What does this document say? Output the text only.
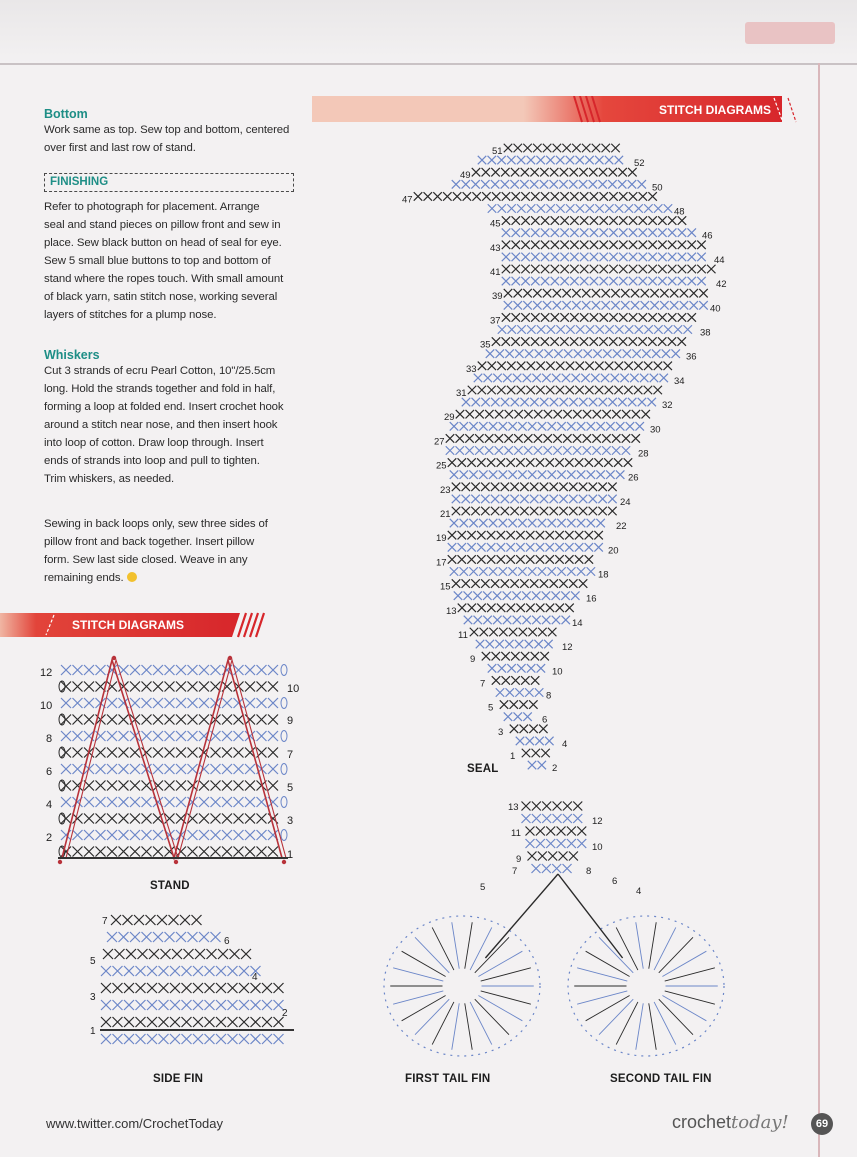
Bottom

Work same as top. Sew top and bottom, centered

over first and last row of stand.

FINISHING

Refer to photograph for placement. Arrange

seal and stand pieces on pillow front and sew in

place. Sew black button on head of seal for eye.

Sew 5 small blue buttons to top and bottom of

stand where the ropes touch. With small amount

of black yarn, satin stitch nose, working several

layers of stitches for a plump nose.

Whiskers

Cut 3 strands of ecru Pearl Cotton, 10"/25.5cm

long. Hold the strands together and fold in half,

forming a loop at folded end. Insert crochet hook

around a stitch near nose, and then insert hook

into loop of cotton. Draw loop through. Insert

ends of strands into loop and pull to tighten.

Trim whiskers, as needed.

Sewing in back loops only, sew three sides of

pillow front and back together. Insert pillow

form. Sew last side closed. Weave in any

remaining ends.

STITCH DIAGRAMS
STITCH DIAGRAMS
12
10
8
6
4
2
10
9
7
5
3
1
STAND
7
6
5
4
3
2
1
SIDE FIN
51
49
47
45
43
41
39
37
35
33
31
29
27
25
23
21
19
17
15
13
11
9
7
5
3
1
52
50
48
46
44
42
40
38
36
34
32
30
28
26
24
22
20
18
16
14
12
10
8
6
4
2
SEAL
13
11
9
12
10
8
7
6
5	4
FIRST TAIL FIN	SECOND TAIL FIN
www.twitter.com/CrochetToday	crochettoday!	69
